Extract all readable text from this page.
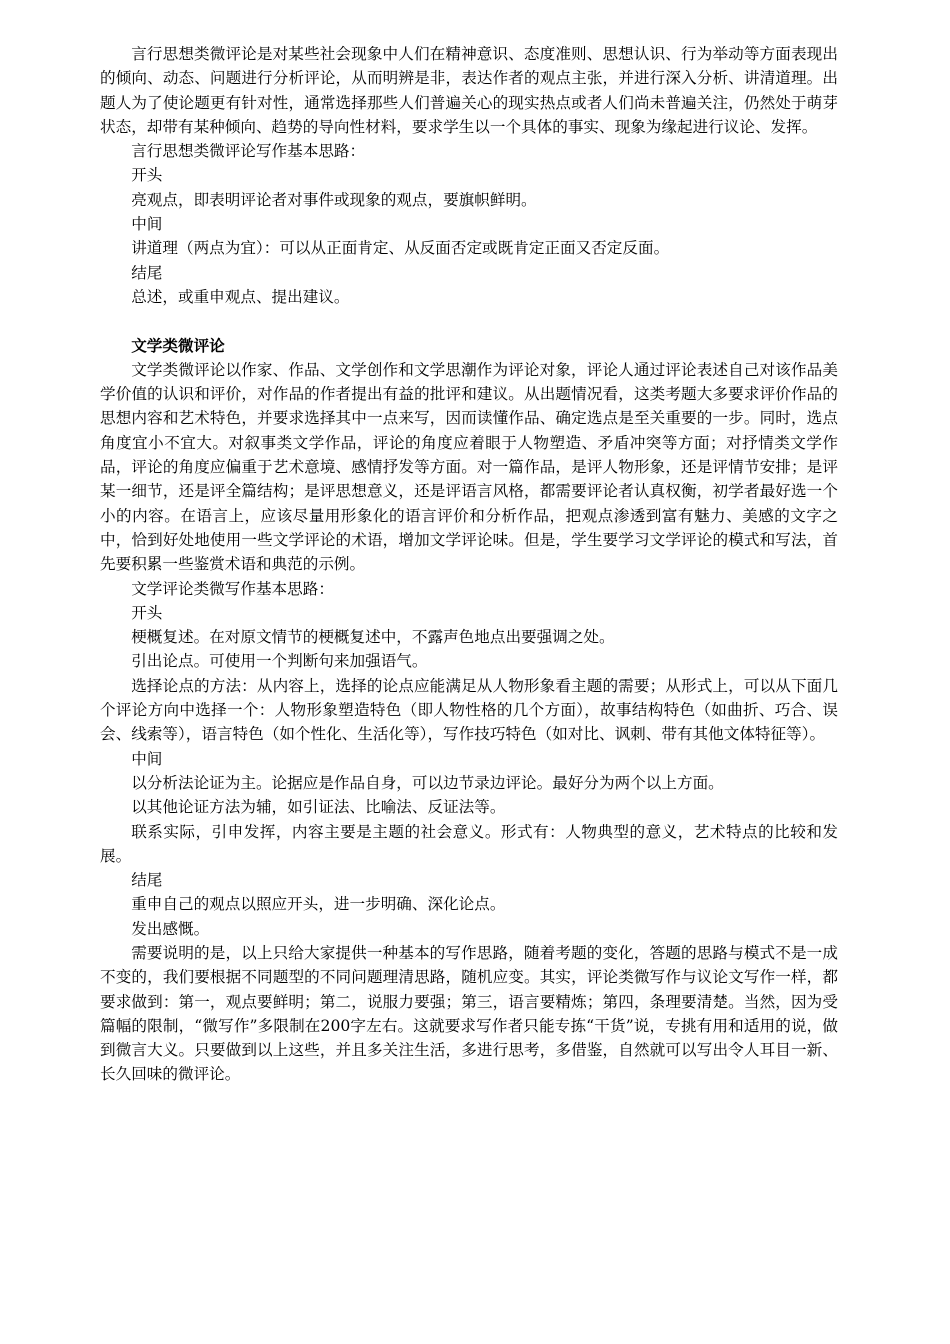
言行思想类微评论是对某些社会现象中人们在精神意识、态度准则、思想认识、行为举动等方面表现出的倾向、动态、问题进行分析评论，从而明辨是非，表达作者的观点主张，并进行深入分析、讲清道理。出题人为了使论题更有针对性，通常选择那些人们普遍关心的现实热点或者人们尚未普遍关注，仍然处于萌芽状态，却带有某种倾向、趋势的导向性材料，要求学生以一个具体的事实、现象为缘起进行议论、发挥。

言行思想类微评论写作基本思路：

开头

亮观点，即表明评论者对事件或现象的观点，要旗帜鲜明。

中间

讲道理（两点为宜）：可以从正面肯定、从反面否定或既肯定正面又否定反面。

结尾

总述，或重申观点、提出建议。

文学类微评论

文学类微评论以作家、作品、文学创作和文学思潮作为评论对象，评论人通过评论表述自己对该作品美学价值的认识和评价，对作品的作者提出有益的批评和建议。从出题情况看，这类考题大多要求评价作品的思想内容和艺术特色，并要求选择其中一点来写，因而读懂作品、确定选点是至关重要的一步。同时，选点角度宜小不宜大。对叙事类文学作品，评论的角度应着眼于人物塑造、矛盾冲突等方面；对抒情类文学作品，评论的角度应偏重于艺术意境、感情抒发等方面。对一篇作品，是评人物形象，还是评情节安排；是评某一细节，还是评全篇结构；是评思想意义，还是评语言风格，都需要评论者认真权衡，初学者最好选一个小的内容。在语言上，应该尽量用形象化的语言评价和分析作品，把观点渗透到富有魅力、美感的文字之中，恰到好处地使用一些文学评论的术语，增加文学评论味。但是，学生要学习文学评论的模式和写法，首先要积累一些鉴赏术语和典范的示例。

文学评论类微写作基本思路：

开头

梗概复述。在对原文情节的梗概复述中，不露声色地点出要强调之处。

引出论点。可使用一个判断句来加强语气。

选择论点的方法：从内容上，选择的论点应能满足从人物形象看主题的需要；从形式上，可以从下面几个评论方向中选择一个：人物形象塑造特色（即人物性格的几个方面），故事结构特色（如曲折、巧合、误会、线索等），语言特色（如个性化、生活化等），写作技巧特色（如对比、讽刺、带有其他文体特征等）。

中间

以分析法论证为主。论据应是作品自身，可以边节录边评论。最好分为两个以上方面。

以其他论证方法为辅，如引证法、比喻法、反证法等。

联系实际，引申发挥，内容主要是主题的社会意义。形式有：人物典型的意义，艺术特点的比较和发展。

结尾

重申自己的观点以照应开头，进一步明确、深化论点。

发出感慨。

需要说明的是，以上只给大家提供一种基本的写作思路，随着考题的变化，答题的思路与模式不是一成不变的，我们要根据不同题型的不同问题理清思路，随机应变。其实，评论类微写作与议论文写作一样，都要求做到：第一，观点要鲜明；第二，说服力要强；第三，语言要精炼；第四，条理要清楚。当然，因为受篇幅的限制，“微写作”多限制在200字左右。这就要求写作者只能专拣“干货”说，专挑有用和适用的说，做到微言大义。只要做到以上这些，并且多关注生活，多进行思考，多借鉴，自然就可以写出令人耳目一新、长久回味的微评论。
